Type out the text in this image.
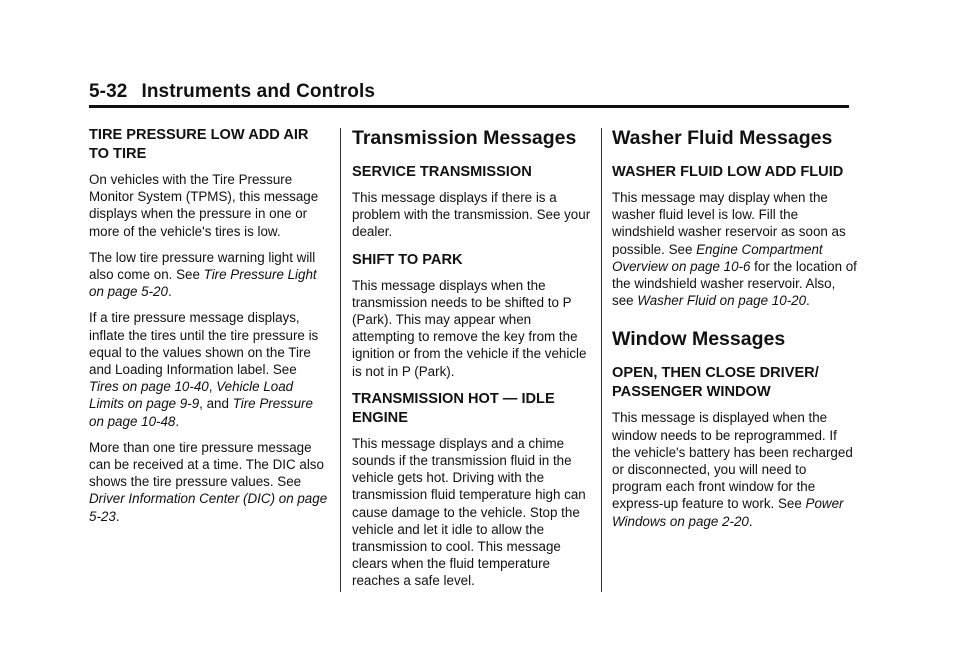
5-32 Instruments and Controls
TIRE PRESSURE LOW ADD AIR TO TIRE

On vehicles with the Tire Pressure Monitor System (TPMS), this message displays when the pressure in one or more of the vehicle's tires is low.

The low tire pressure warning light will also come on. See Tire Pressure Light on page 5-20.

If a tire pressure message displays, inflate the tires until the tire pressure is equal to the values shown on the Tire and Loading Information label. See Tires on page 10-40, Vehicle Load Limits on page 9-9, and Tire Pressure on page 10-48.

More than one tire pressure message can be received at a time. The DIC also shows the tire pressure values. See Driver Information Center (DIC) on page 5-23.

Transmission Messages
SERVICE TRANSMISSION

This message displays if there is a problem with the transmission. See your dealer.

SHIFT TO PARK

This message displays when the transmission needs to be shifted to P (Park). This may appear when attempting to remove the key from the ignition or from the vehicle if the vehicle is not in P (Park).

TRANSMISSION HOT — IDLE ENGINE

This message displays and a chime sounds if the transmission fluid in the vehicle gets hot. Driving with the transmission fluid temperature high can cause damage to the vehicle. Stop the vehicle and let it idle to allow the transmission to cool. This message clears when the fluid temperature reaches a safe level.

Washer Fluid Messages
WASHER FLUID LOW ADD FLUID

This message may display when the washer fluid level is low. Fill the windshield washer reservoir as soon as possible. See Engine Compartment Overview on page 10-6 for the location of the windshield washer reservoir. Also, see Washer Fluid on page 10-20.

Window Messages
OPEN, THEN CLOSE DRIVER/ PASSENGER WINDOW

This message is displayed when the window needs to be reprogrammed. If the vehicle's battery has been recharged or disconnected, you will need to program each front window for the express-up feature to work. See Power Windows on page 2-20.
